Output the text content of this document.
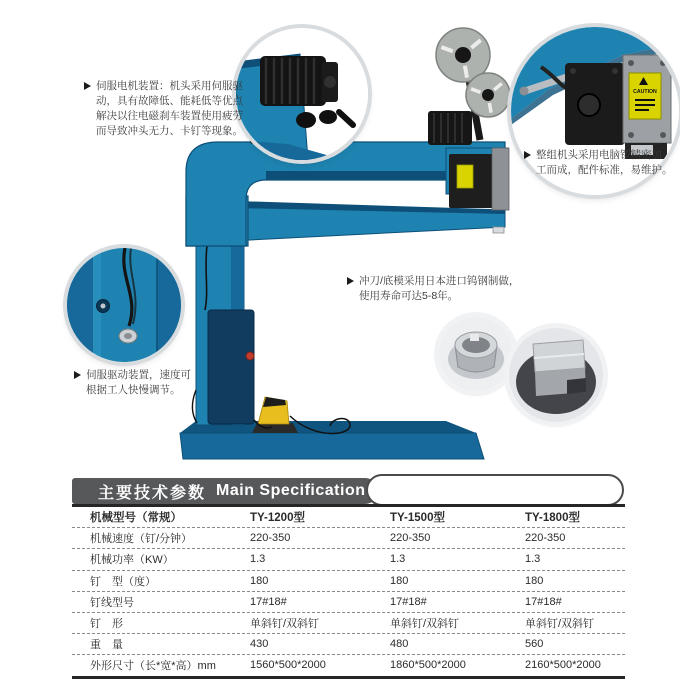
CAUTION
伺服电机装置：机头采用伺服驱
动，具有故障低、能耗低等优点
解决以往电磁刹车装置使用疲劳
而导致冲头无力、卡钉等现象。
整组机头采用电脑锣精密加
工而成，配件标准，易维护。
冲刀/底模采用日本进口钨钢制做，
使用寿命可达5-8年。
伺服驱动装置，速度可
根据工人快慢调节。
主要技术参数 Main Specification
机械型号（常规）	TY-1200型	TY-1500型	TY-1800型
机械速度（钉/分钟）	220-350	220-350	220-350
机械功率（KW）	1.3	1.3	1.3
钉　型（度）	180	180	180
钉线型号	17#18#	17#18#	17#18#
钉　形	单斜钉/双斜钉	单斜钉/双斜钉	单斜钉/双斜钉
重　量	430	480	560
外形尺寸（长*宽*高）mm	1560*500*2000	1860*500*2000	2160*500*2000
